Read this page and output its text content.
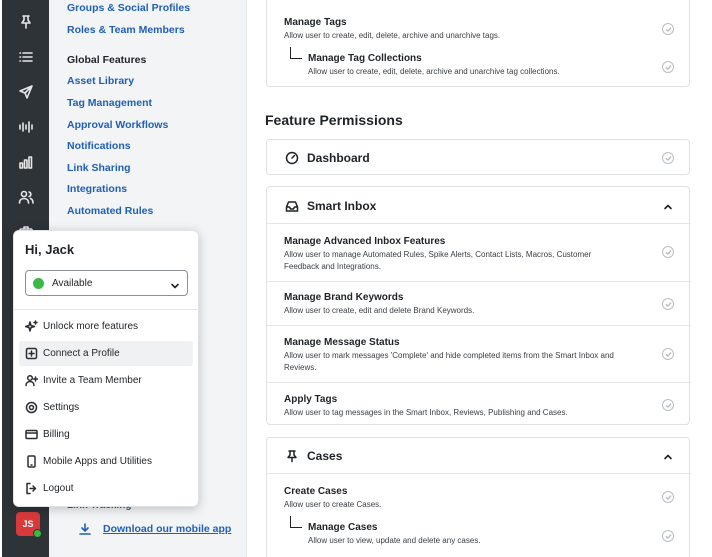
JS
Groups & Social Profiles
Roles & Team Members
Global Features
Asset Library
Tag Management
Approval Workflows
Notifications
Link Sharing
Integrations
Automated Rules
Download our mobile app
Manage Tags
Allow user to create, edit, delete, archive and unarchive tags.
Manage Tag Collections
Allow user to create, edit, delete, archive and unarchive tag collections.
Feature Permissions
Dashboard
Smart Inbox
Manage Advanced Inbox Features
Allow user to manage Automated Rules, Spike Alerts, Contact Lists, Macros, Customer
Feedback and Integrations.
Manage Brand Keywords
Allow user to create, edit and delete Brand Keywords.
Manage Message Status
Allow user to mark messages 'Complete' and hide completed items from the Smart Inbox and
Reviews.
Apply Tags
Allow user to tag messages in the Smart Inbox, Reviews, Publishing and Cases.
Cases
Create Cases
Allow user to create Cases.
Manage Cases
Allow user to view, update and delete any cases.
Hi, Jack
Available
Unlock more features
Connect a Profile
Invite a Team Member
Settings
Billing
Mobile Apps and Utilities
Logout
